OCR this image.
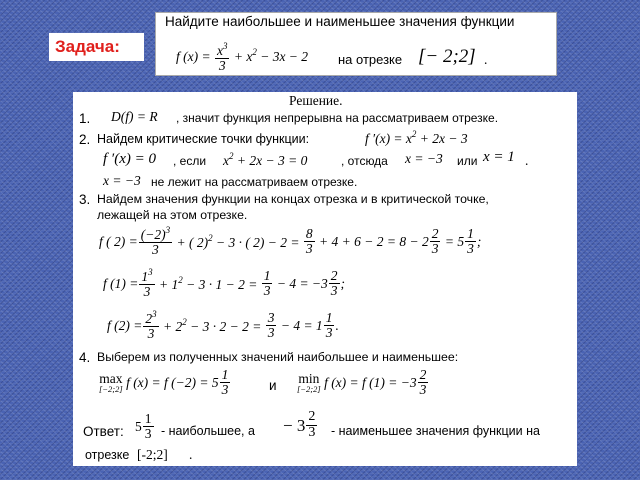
Задача:
Найдите наибольшее и наименьшее значения функции
f $(x) = \frac{x^3}{3} + x^2 - 3x - 2$ на отрезке [− 2;2] .
Решение.
1. D(f) = R , значит функция непрерывна на рассматриваем отрезке.
2. Найдем критические точки функции:	f $'(x) = x^2 + 2x - 3$
f ′(x) = 0 , если $x^2 + 2x - 3 = 0$	, отсюда x = −3 или x = 1 .
x = −3 не лежит на рассматриваем отрезке.
3. Найдем значения функции на концах отрезка и в критической точке,
лежащей на этом отрезке.
f ( $2) = \frac{(-2)^3}{3}$ + ( 2)$^2$ − 3 · ( $2) - 2 = \frac{8}{3} + 4 + 6 - 2 = 8 - 2 \frac{2}{3} = 5 \frac{1}{3}$ ;
f $(1) = \frac{1^3}{3} + 1^2 - 3 \cdot 1 - 2 = \frac{1}{3} - 4 = -3 \frac{2}{3}$ ;
f $(2) = \frac{2^3}{3} + 2^2 - 3 \cdot 2 - 2 = \frac{3}{3} - 4 = 1 \frac{1}{3}$ .
4. Выберем из полученных значений наибольшее и наименьшее:
max
[−2;2] f (x) = f $(-2) = 5 \frac{1}{3}$	и min
[−2;2] f (x) = f $(1) = -3 \frac{2}{3}$
Ответ: $5 \frac{1}{3}$ - наибольшее, $а - 3 \frac{2}{3}$ - наименьшее значения функции на
отрезке [-2;2] .
